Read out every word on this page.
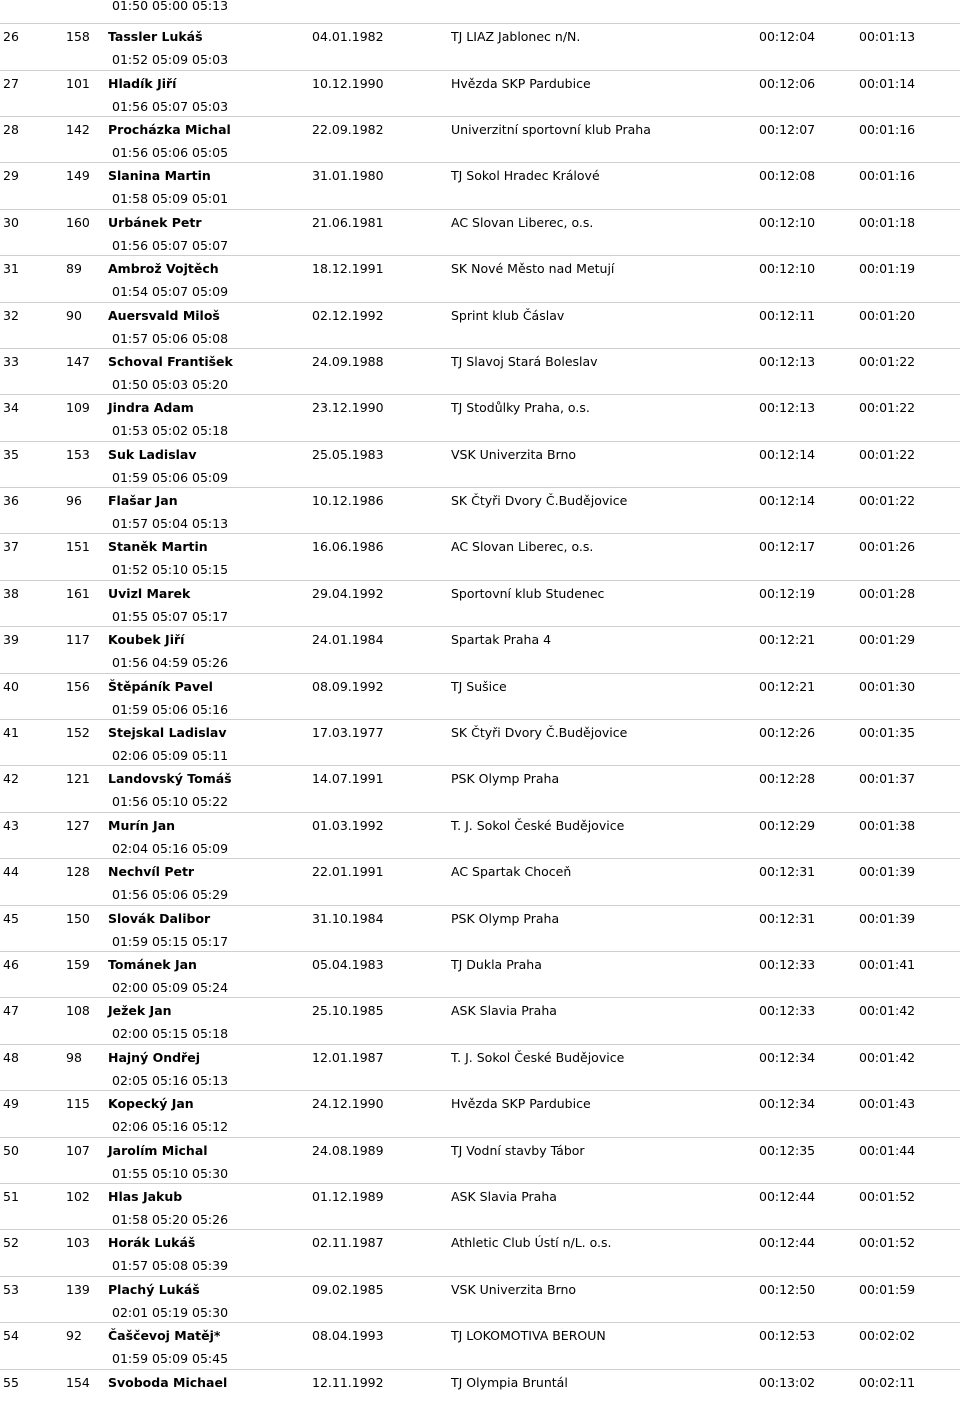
01:50 05:00 05:13
26	158 Tassler Lukáš	04.01.1982	TJ LIAZ Jablonec n/N.	00:12:04	00:01:13
01:52 05:09 05:03
27	101 Hladík Jiří	10.12.1990	Hvězda SKP Pardubice	00:12:06	00:01:14
01:56 05:07 05:03
28	142 Procházka Michal	22.09.1982	Univerzitní sportovní klub Praha	00:12:07	00:01:16
01:56 05:06 05:05
29	149 Slanina Martin	31.01.1980	TJ Sokol Hradec Králové	00:12:08	00:01:16
01:58 05:09 05:01
30	160 Urbánek Petr	21.06.1981	AC Slovan Liberec, o.s.	00:12:10	00:01:18
01:56 05:07 05:07
31	89 Ambrož Vojtěch	18.12.1991	SK Nové Město nad Metují	00:12:10	00:01:19
01:54 05:07 05:09
32	90 Auersvald Miloš	02.12.1992	Sprint klub Čáslav	00:12:11	00:01:20
01:57 05:06 05:08
33	147 Schoval František	24.09.1988	TJ Slavoj Stará Boleslav	00:12:13	00:01:22
01:50 05:03 05:20
34	109 Jindra Adam	23.12.1990	TJ Stodůlky Praha, o.s.	00:12:13	00:01:22
01:53 05:02 05:18
35	153 Suk Ladislav	25.05.1983	VSK Univerzita Brno	00:12:14	00:01:22
01:59 05:06 05:09
36	96 Flašar Jan	10.12.1986	SK Čtyři Dvory Č.Budějovice	00:12:14	00:01:22
01:57 05:04 05:13
37	151 Staněk Martin	16.06.1986	AC Slovan Liberec, o.s.	00:12:17	00:01:26
01:52 05:10 05:15
38	161 Uvizl Marek	29.04.1992	Sportovní klub Studenec	00:12:19	00:01:28
01:55 05:07 05:17
39	117 Koubek Jiří	24.01.1984	Spartak Praha 4	00:12:21	00:01:29
01:56 04:59 05:26
40	156 Štěpáník Pavel	08.09.1992	TJ Sušice	00:12:21	00:01:30
01:59 05:06 05:16
41	152 Stejskal Ladislav	17.03.1977	SK Čtyři Dvory Č.Budějovice	00:12:26	00:01:35
02:06 05:09 05:11
42	121 Landovský Tomáš	14.07.1991	PSK Olymp Praha	00:12:28	00:01:37
01:56 05:10 05:22
43	127 Murín Jan	01.03.1992	T. J. Sokol České Budějovice	00:12:29	00:01:38
02:04 05:16 05:09
44	128 Nechvíl Petr	22.01.1991	AC Spartak Choceň	00:12:31	00:01:39
01:56 05:06 05:29
45	150 Slovák Dalibor	31.10.1984	PSK Olymp Praha	00:12:31	00:01:39
01:59 05:15 05:17
46	159 Tománek Jan	05.04.1983	TJ Dukla Praha	00:12:33	00:01:41
02:00 05:09 05:24
47	108 Ježek Jan	25.10.1985	ASK Slavia Praha	00:12:33	00:01:42
02:00 05:15 05:18
48	98 Hajný Ondřej	12.01.1987	T. J. Sokol České Budějovice	00:12:34	00:01:42
02:05 05:16 05:13
49	115 Kopecký Jan	24.12.1990	Hvězda SKP Pardubice	00:12:34	00:01:43
02:06 05:16 05:12
50	107 Jarolím Michal	24.08.1989	TJ Vodní stavby Tábor	00:12:35	00:01:44
01:55 05:10 05:30
51	102 Hlas Jakub	01.12.1989	ASK Slavia Praha	00:12:44	00:01:52
01:58 05:20 05:26
52	103 Horák Lukáš	02.11.1987	Athletic Club Ústí n/L. o.s.	00:12:44	00:01:52
01:57 05:08 05:39
53	139 Plachý Lukáš	09.02.1985	VSK Univerzita Brno	00:12:50	00:01:59
02:01 05:19 05:30
54	92 Čaščevoj Matěj*	08.04.1993	TJ LOKOMOTIVA BEROUN	00:12:53	00:02:02
01:59 05:09 05:45
55	154 Svoboda Michael	12.11.1992	TJ Olympia Bruntál	00:13:02	00:02:11
